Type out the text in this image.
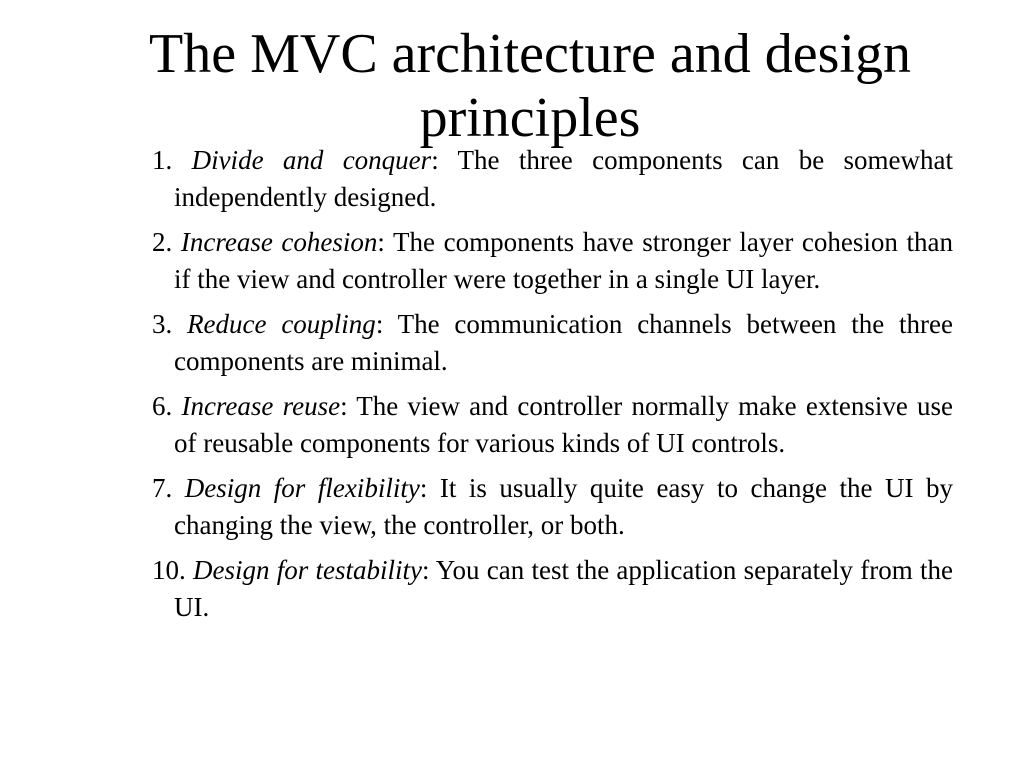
The MVC architecture and design principles

1. Divide and conquer: The three components can be somewhat independently designed.

2. Increase cohesion: The components have stronger layer cohesion than if the view and controller were together in a single UI layer.

3. Reduce coupling: The communication channels between the three components are minimal.

6. Increase reuse: The view and controller normally make extensive use of reusable components for various kinds of UI controls.

7. Design for flexibility: It is usually quite easy to change the UI by changing the view, the controller, or both.

10. Design for testability: You can test the application separately from the UI.
